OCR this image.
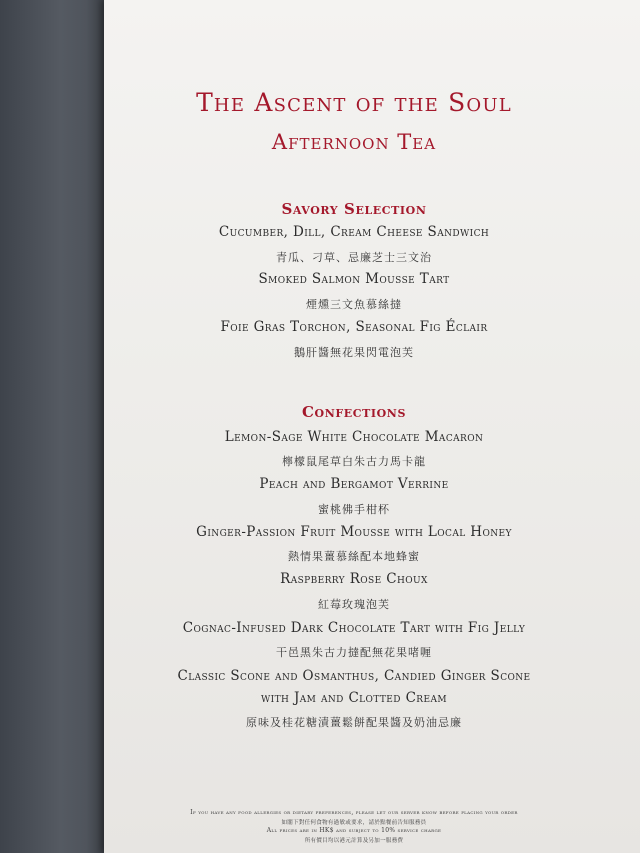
The Ascent of the Soul
Afternoon Tea
Savory Selection
Cucumber, Dill, Cream Cheese Sandwich
青瓜、刁草、忌廉芝士三文治
Smoked Salmon Mousse Tart
煙燻三文魚慕絲撻
Foie Gras Torchon, Seasonal Fig Éclair
鵝肝醬無花果閃電泡芙
Confections
Lemon-Sage White Chocolate Macaron
檸檬鼠尾草白朱古力馬卡龍
Peach and Bergamot Verrine
蜜桃佛手柑杯
Ginger-Passion Fruit Mousse with Local Honey
熱情果薑慕絲配本地蜂蜜
Raspberry Rose Choux
紅莓玫瑰泡芙
Cognac-Infused Dark Chocolate Tart with Fig Jelly
干邑黑朱古力撻配無花果啫喱
Classic Scone and Osmanthus, Candied Ginger Scone
with Jam and Clotted Cream
原味及桂花糖漬薑鬆餅配果醬及奶油忌廉
If you have any food allergies or dietary preferences, please let our server know before placing your order
如閣下對任何食物有過敏或要求，請於點餐前告知服務員
All prices are in HK$ and subject to 10% service charge
所有價目均以港元計算及另加一服務費
